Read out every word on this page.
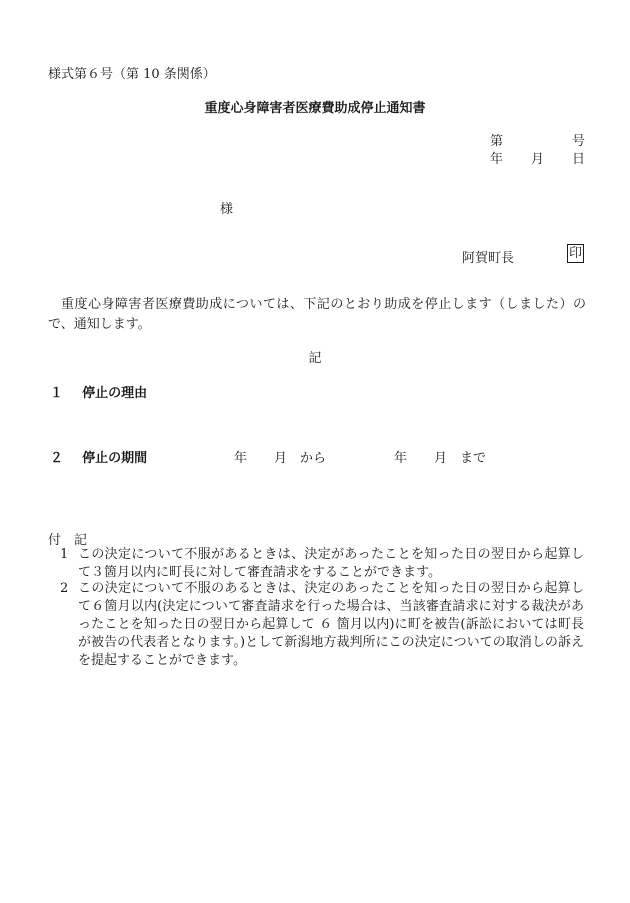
様式第６号（第 10 条関係）
重度心身障害者医療費助成停止通知書
第	号
年 月 日
様
阿賀町長	印
重度心身障害者医療費助成については、下記のとおり助成を停止します（しました）ので、通知します。
記
１ 停止の理由
２ 停止の期間	年 月 から	年 月 まで
付　記
1 この決定について不服があるときは、決定があったことを知った日の翌日から起算して３箇月以内に町長に対して審査請求をすることができます。
2 この決定について不服のあるときは、決定のあったことを知った日の翌日から起算して６箇月以内(決定について審査請求を行った場合は、当該審査請求に対する裁決があったことを知った日の翌日から起算して ６ 箇月以内)に町を被告(訴訟においては町長が被告の代表者となります。)として新潟地方裁判所にこの決定についての取消しの訴えを提起することができます。
